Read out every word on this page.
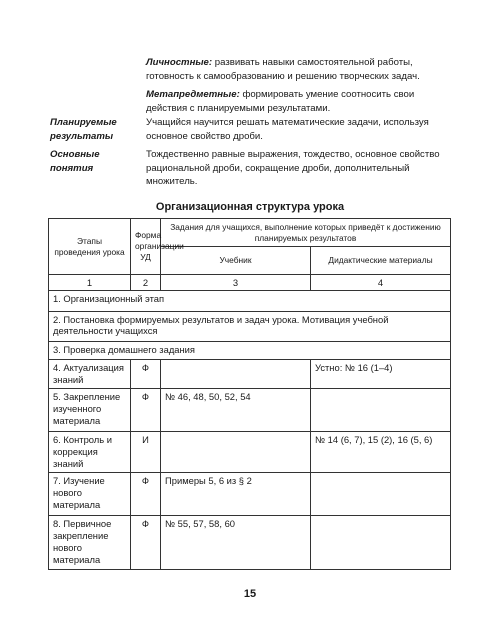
Личностные: развивать навыки самостоятельной работы, готовность к самообразованию и решению творческих задач.

Метапредметные: формировать умение соотносить свои действия с планируемыми результатами.

Планируемые результаты
Учащийся научится решать математические задачи, используя основное свойство дроби.
Основные понятия
Тождественно равные выражения, тождество, основное свойство рациональной дроби, сокращение дроби, дополнительный множитель.
Организационная структура урока
Этапы проведения урока	Форма организации УД	Задания для учащихся, выполнение которых приведёт к достижению планируемых результатов	
		Учебник	Дидактические материалы
1	2	3	4
1. Организационный этап			
2. Постановка формируемых результатов и задач урока. Мотивация учебной деятельности учащихся			
3. Проверка домашнего задания			
4. Актуализация знаний	Ф		Устно: № 16 (1–4)
5. Закрепление изученного материала	Ф	№ 46, 48, 50, 52, 54	
6. Контроль и коррекция знаний	И		№ 14 (6, 7), 15 (2), 16 (5, 6)
7. Изучение нового материала	Ф	Примеры 5, 6 из § 2	
8. Первичное закрепление нового материала	Ф	№ 55, 57, 58, 60	
15
